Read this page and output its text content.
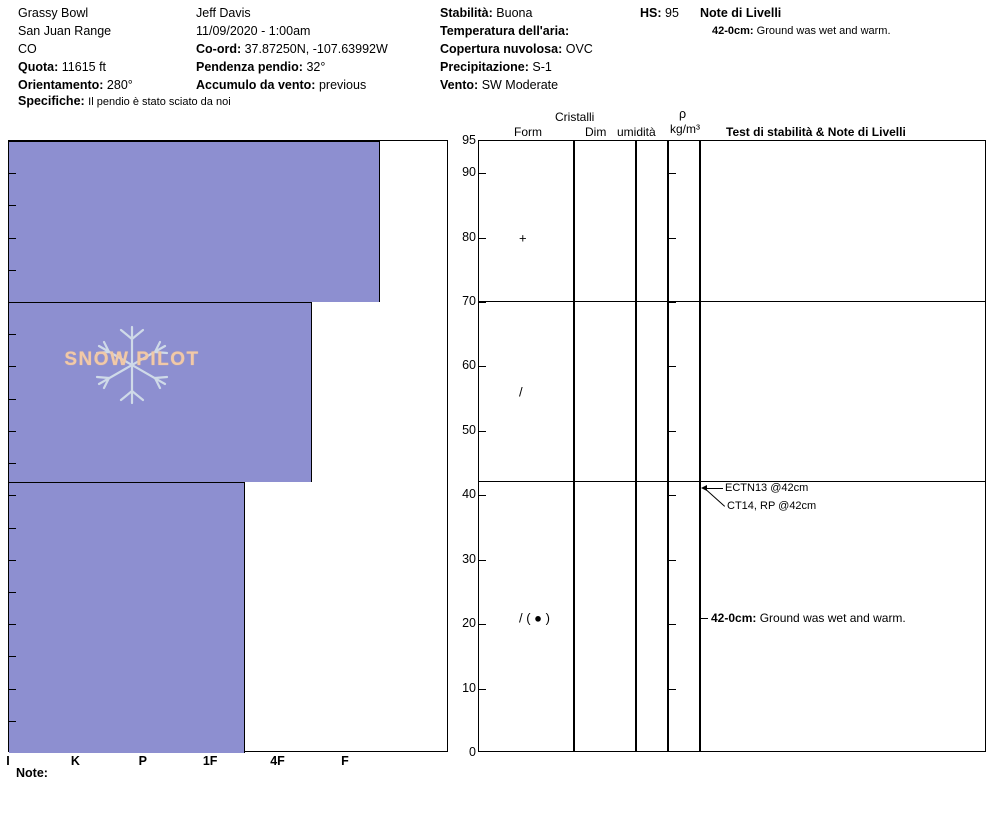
Grassy Bowl
San Juan Range
CO
Quota: 11615 ft
Orientamento: 280°
Jeff Davis
11/09/2020 - 1:00am
Co-ord: 37.87250N, -107.63992W
Pendenza pendio: 32°
Accumulo da vento: previous
Stabilità: Buona
Temperatura dell'aria:
Copertura nuvolosa: OVC
Precipitazione: S-1
Vento: SW Moderate
HS: 95	Note di Livelli
42-0cm: Ground was wet and warm.
Specifiche: Il pendio è stato sciato da noi
Cristalli
Form	Dim umidità
ρ
kg/m³ Test di stabilità & Note di Livelli
SNOW PILOT
0
10
20
30
40
50
60
70
80
90
95
I	K	P	1F	4F	F
Note:
+
/
/ ( ● )	42-0cm: Ground was wet and warm.
ECTN13 @42cm
CT14, RP @42cm
